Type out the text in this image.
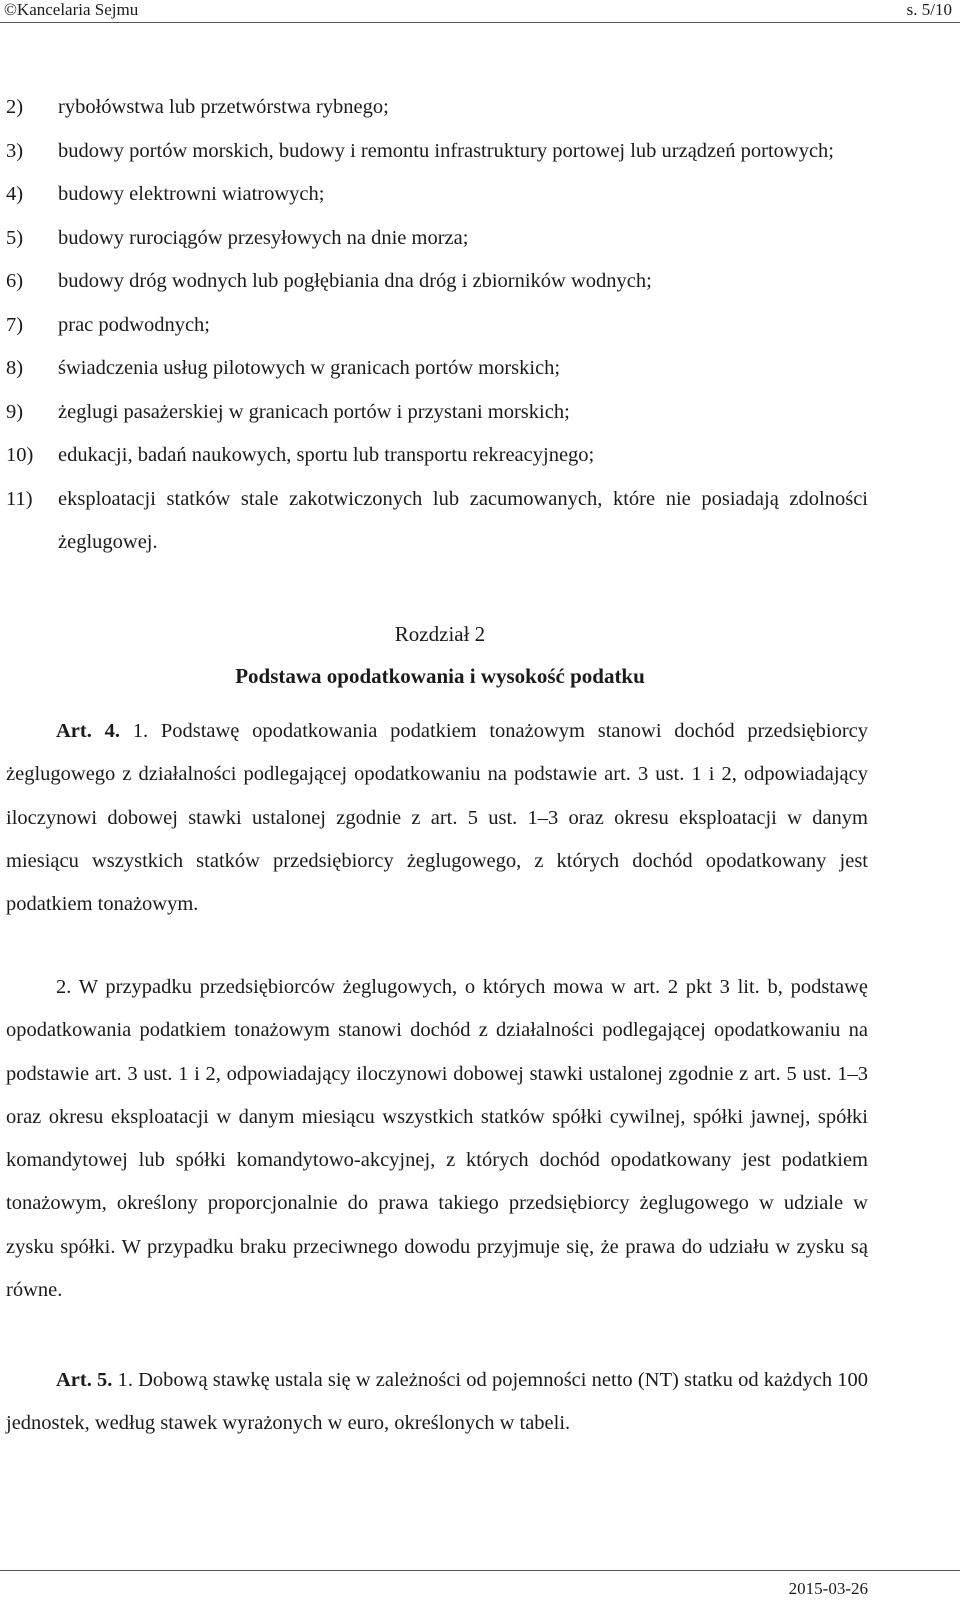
©Kancelaria Sejmu	s. 5/10
2) rybołówstwa lub przetwórstwa rybnego;
3) budowy portów morskich, budowy i remontu infrastruktury portowej lub urządzeń portowych;
4) budowy elektrowni wiatrowych;
5) budowy rurociągów przesyłowych na dnie morza;
6) budowy dróg wodnych lub pogłębiania dna dróg i zbiorników wodnych;
7) prac podwodnych;
8) świadczenia usług pilotowych w granicach portów morskich;
9) żeglugi pasażerskiej w granicach portów i przystani morskich;
10) edukacji, badań naukowych, sportu lub transportu rekreacyjnego;
11) eksploatacji statków stale zakotwiczonych lub zacumowanych, które nie posiadają zdolności żeglugowej.
Rozdział 2
Podstawa opodatkowania i wysokość podatku
Art. 4. 1. Podstawę opodatkowania podatkiem tonażowym stanowi dochód przedsiębiorcy żeglugowego z działalności podlegającej opodatkowaniu na podstawie art. 3 ust. 1 i 2, odpowiadający iloczynowi dobowej stawki ustalonej zgodnie z art. 5 ust. 1–3 oraz okresu eksploatacji w danym miesiącu wszystkich statków przedsiębiorcy żeglugowego, z których dochód opodatkowany jest podatkiem tonażowym.
2. W przypadku przedsiębiorców żeglugowych, o których mowa w art. 2 pkt 3 lit. b, podstawę opodatkowania podatkiem tonażowym stanowi dochód z działalności podlegającej opodatkowaniu na podstawie art. 3 ust. 1 i 2, odpowiadający iloczynowi dobowej stawki ustalonej zgodnie z art. 5 ust. 1–3 oraz okresu eksploatacji w danym miesiącu wszystkich statków spółki cywilnej, spółki jawnej, spółki komandytowej lub spółki komandytowo-akcyjnej, z których dochód opodatkowany jest podatkiem tonażowym, określony proporcjonalnie do prawa takiego przedsiębiorcy żeglugowego w udziale w zysku spółki. W przypadku braku przeciwnego dowodu przyjmuje się, że prawa do udziału w zysku są równe.
Art. 5. 1. Dobową stawkę ustala się w zależności od pojemności netto (NT) statku od każdych 100 jednostek, według stawek wyrażonych w euro, określonych w tabeli.
2015-03-26
